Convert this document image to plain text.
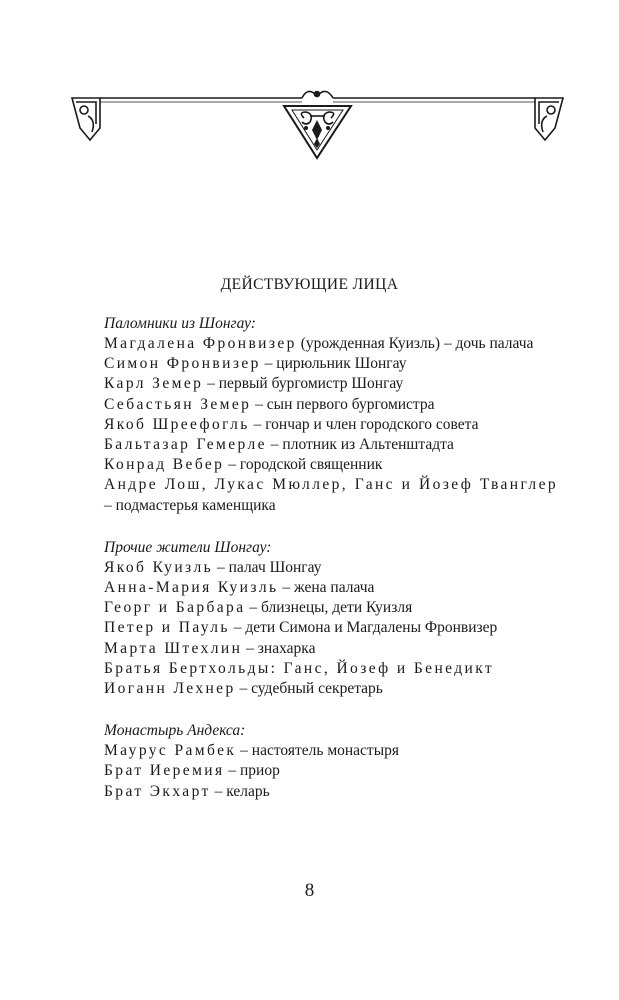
ДЕЙСТВУЮЩИЕ ЛИЦА

Паломники из Шонгау:

Магдалена Фронвизер (урожденная Куизль) – дочь палача

Симон Фронвизер – цирюльник Шонгау

Карл Земер – первый бургомистр Шонгау

Себастьян Земер – сын первого бургомистра

Якоб Шреефогль – гончар и член городского совета

Бальтазар Гемерле – плотник из Альтенштадта

Конрад Вебер – городской священник

Андре Лош, Лукас Мюллер, Ганс и Йозеф Тванглер – подмастерья каменщика

Прочие жители Шонгау:

Якоб Куизль – палач Шонгау

Анна-Мария Куизль – жена палача

Георг и Барбара – близнецы, дети Куизля

Петер и Пауль – дети Симона и Магдалены Фронвизер

Марта Штехлин – знахарка

Братья Бертхольды: Ганс, Йозеф и Бенедикт

Иоганн Лехнер – судебный секретарь

Монастырь Андекса:

Маурус Рамбек – настоятель монастыря

Брат Иеремия – приор

Брат Экхарт – келарь

8
